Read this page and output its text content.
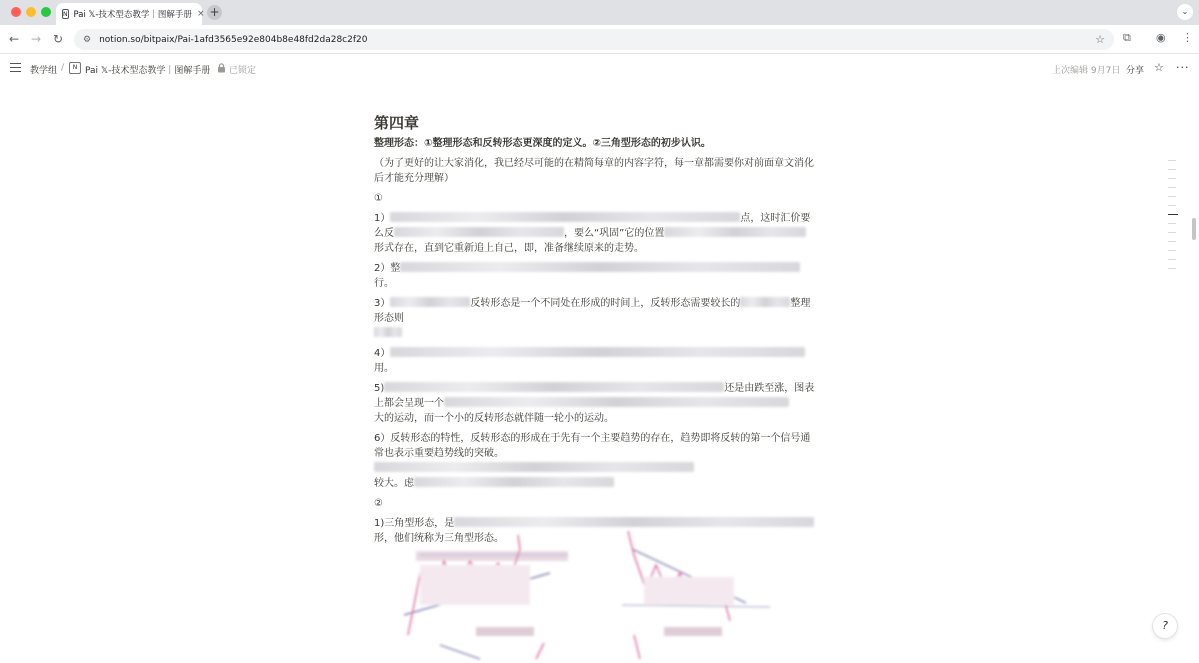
N Pai 𝕏-技术型态教学｜图解手册 × +	⌄
← → ↻	⚙ notion.so/bitpaix/Pai-1afd3565e92e804b8e48fd2da28c2f20	☆ ⧉ ◉ ⋮
教学组 /	N Pai 𝕏-技术型态教学｜图解手册 已锁定	上次编辑 9月7日 分享 ☆ ···
第四章
整理形态：①整理形态和反转形态更深度的定义。②三角型形态的初步认识。
（为了更好的让大家消化，我已经尽可能的在精简每章的内容字符，每一章都需要你对前面章文消化后才能充分理解）
①
1）	点，这时汇价要么反	，要么“巩固”它的位置
形式存在，直到它重新追上自己，即，准备继续原来的走势。
2）整
行。
3）	反转形态是一个不同处在形成的时间上，反转形态需要较长的	整理形态则

4）
用。
5)	还是由跌至涨，图表上都会呈现一个
大的运动，而一个小的反转形态就伴随一轮小的运动。
6）反转形态的特性，反转形态的形成在于先有一个主要趋势的存在，趋势即将反转的第一个信号通常也表示重要趋势线的突破。
较大。虑
②
1)三角型形态，是
形，他们统称为三角型形态。
?
